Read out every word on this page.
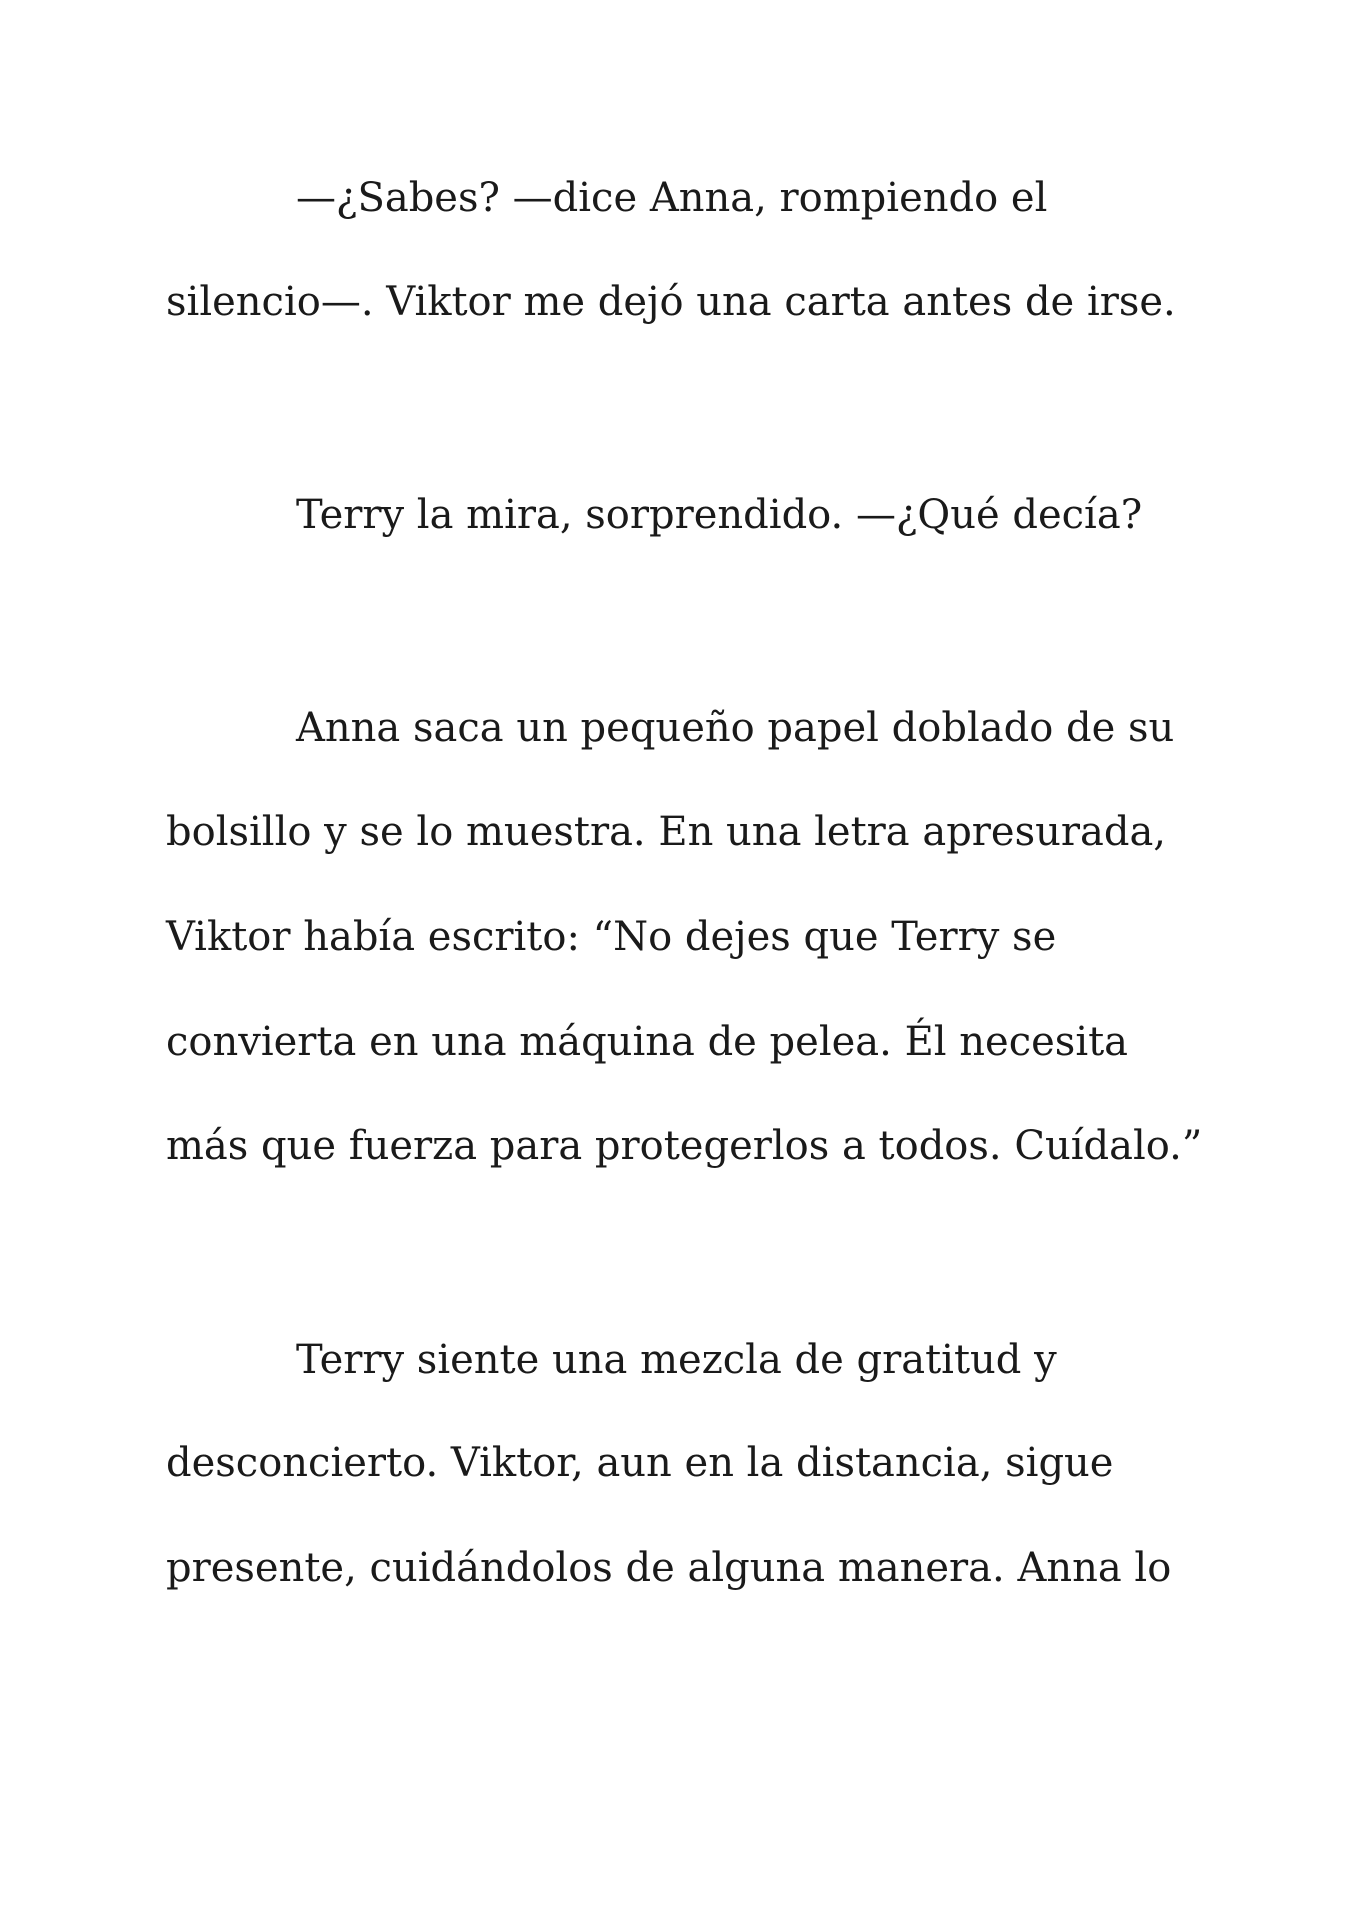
—¿Sabes? —dice Anna, rompiendo el
silencio—. Viktor me dejó una carta antes de irse.
Terry la mira, sorprendido. —¿Qué decía?
Anna saca un pequeño papel doblado de su
bolsillo y se lo muestra. En una letra apresurada,
Viktor había escrito: “No dejes que Terry se
convierta en una máquina de pelea. Él necesita
más que fuerza para protegerlos a todos. Cuídalo.”
Terry siente una mezcla de gratitud y
desconcierto. Viktor, aun en la distancia, sigue
presente, cuidándolos de alguna manera. Anna lo
